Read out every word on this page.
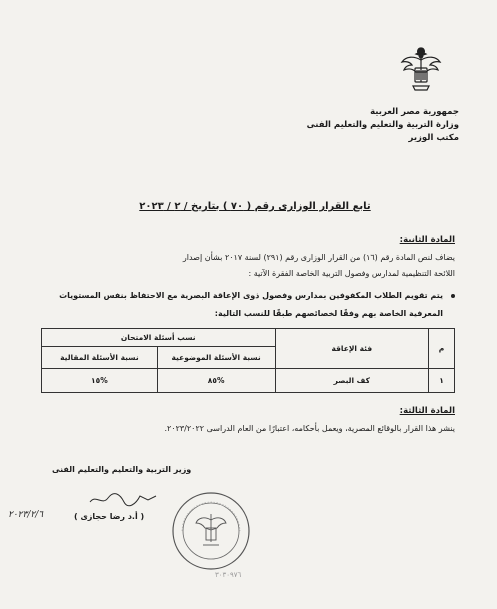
جمهورية مصر العربية
وزارة التربية والتعليم والتعليم الفنى
مكتب الوزير
تابع القرار الوزارى رقم ( ٧٠ ) بتاريخ / ٢ / ٢٠٢٣
المادة الثانية:
يضاف لنص المادة رقم (١٦) من القرار الوزارى رقم (٢٩١) لسنة ٢٠١٧ بشأن إصدار
اللائحة التنظيمية لمدارس وفصول التربية الخاصة الفقرة الآتية :
يتم تقويم الطلاب المكفوفين بمدارس وفصول ذوى الإعاقة البصرية مع الاحتفاظ بنفس المستويات
المعرفية الخاصة بهم وفقًا لخصائصهم طبقًا للنسب التالية:
م	فئة الإعاقة	نسب أسئلة الامتحان	
		نسبة الأسئلة الموضوعية	نسبة الأسئلة المقالية
١	كف البصر	%٨٥	%١٥
المادة الثالثة:
ينشر هذا القرار بالوقائع المصرية، ويعمل بأحكامه، اعتبارًا من العام الدراسى ٢٠٢٣/٢٠٢٢.
وزير التربية والتعليم والتعليم الفنى
( أ.د رضا حجازى )
٢٠٢٣/٢/٦
٣٠٣٠٩٧٦
